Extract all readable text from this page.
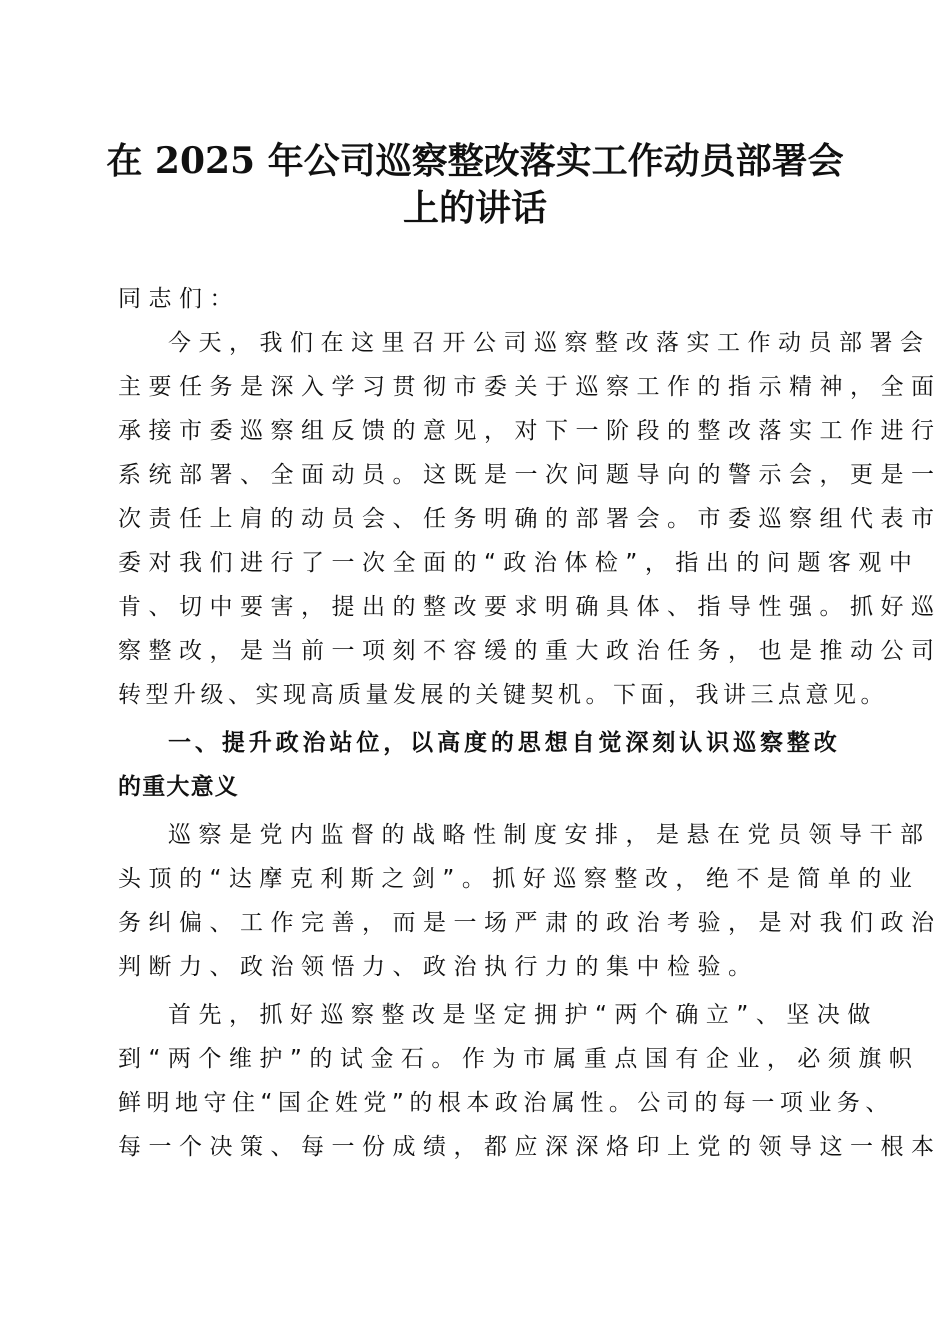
在 2025 年公司巡察整改落实工作动员部署会
上的讲话
同志们：
今天，我们在这里召开公司巡察整改落实工作动员部署会
主要任务是深入学习贯彻市委关于巡察工作的指示精神，全面
承接市委巡察组反馈的意见，对下一阶段的整改落实工作进行
系统部署、全面动员。这既是一次问题导向的警示会，更是一
次责任上肩的动员会、任务明确的部署会。市委巡察组代表市
委对我们进行了一次全面的“政治体检”，指出的问题客观中
肯、切中要害，提出的整改要求明确具体、指导性强。抓好巡
察整改，是当前一项刻不容缓的重大政治任务，也是推动公司
转型升级、实现高质量发展的关键契机。下面，我讲三点意见。
一、提升政治站位，以高度的思想自觉深刻认识巡察整改
的重大意义
巡察是党内监督的战略性制度安排，是悬在党员领导干部
头顶的“达摩克利斯之剑”。抓好巡察整改，绝不是简单的业
务纠偏、工作完善，而是一场严肃的政治考验，是对我们政治
判断力、政治领悟力、政治执行力的集中检验。
首先，抓好巡察整改是坚定拥护“两个确立”、坚决做
到“两个维护”的试金石。作为市属重点国有企业，必须旗帜
鲜明地守住“国企姓党”的根本政治属性。公司的每一项业务、
每一个决策、每一份成绩，都应深深烙印上党的领导这一根本
